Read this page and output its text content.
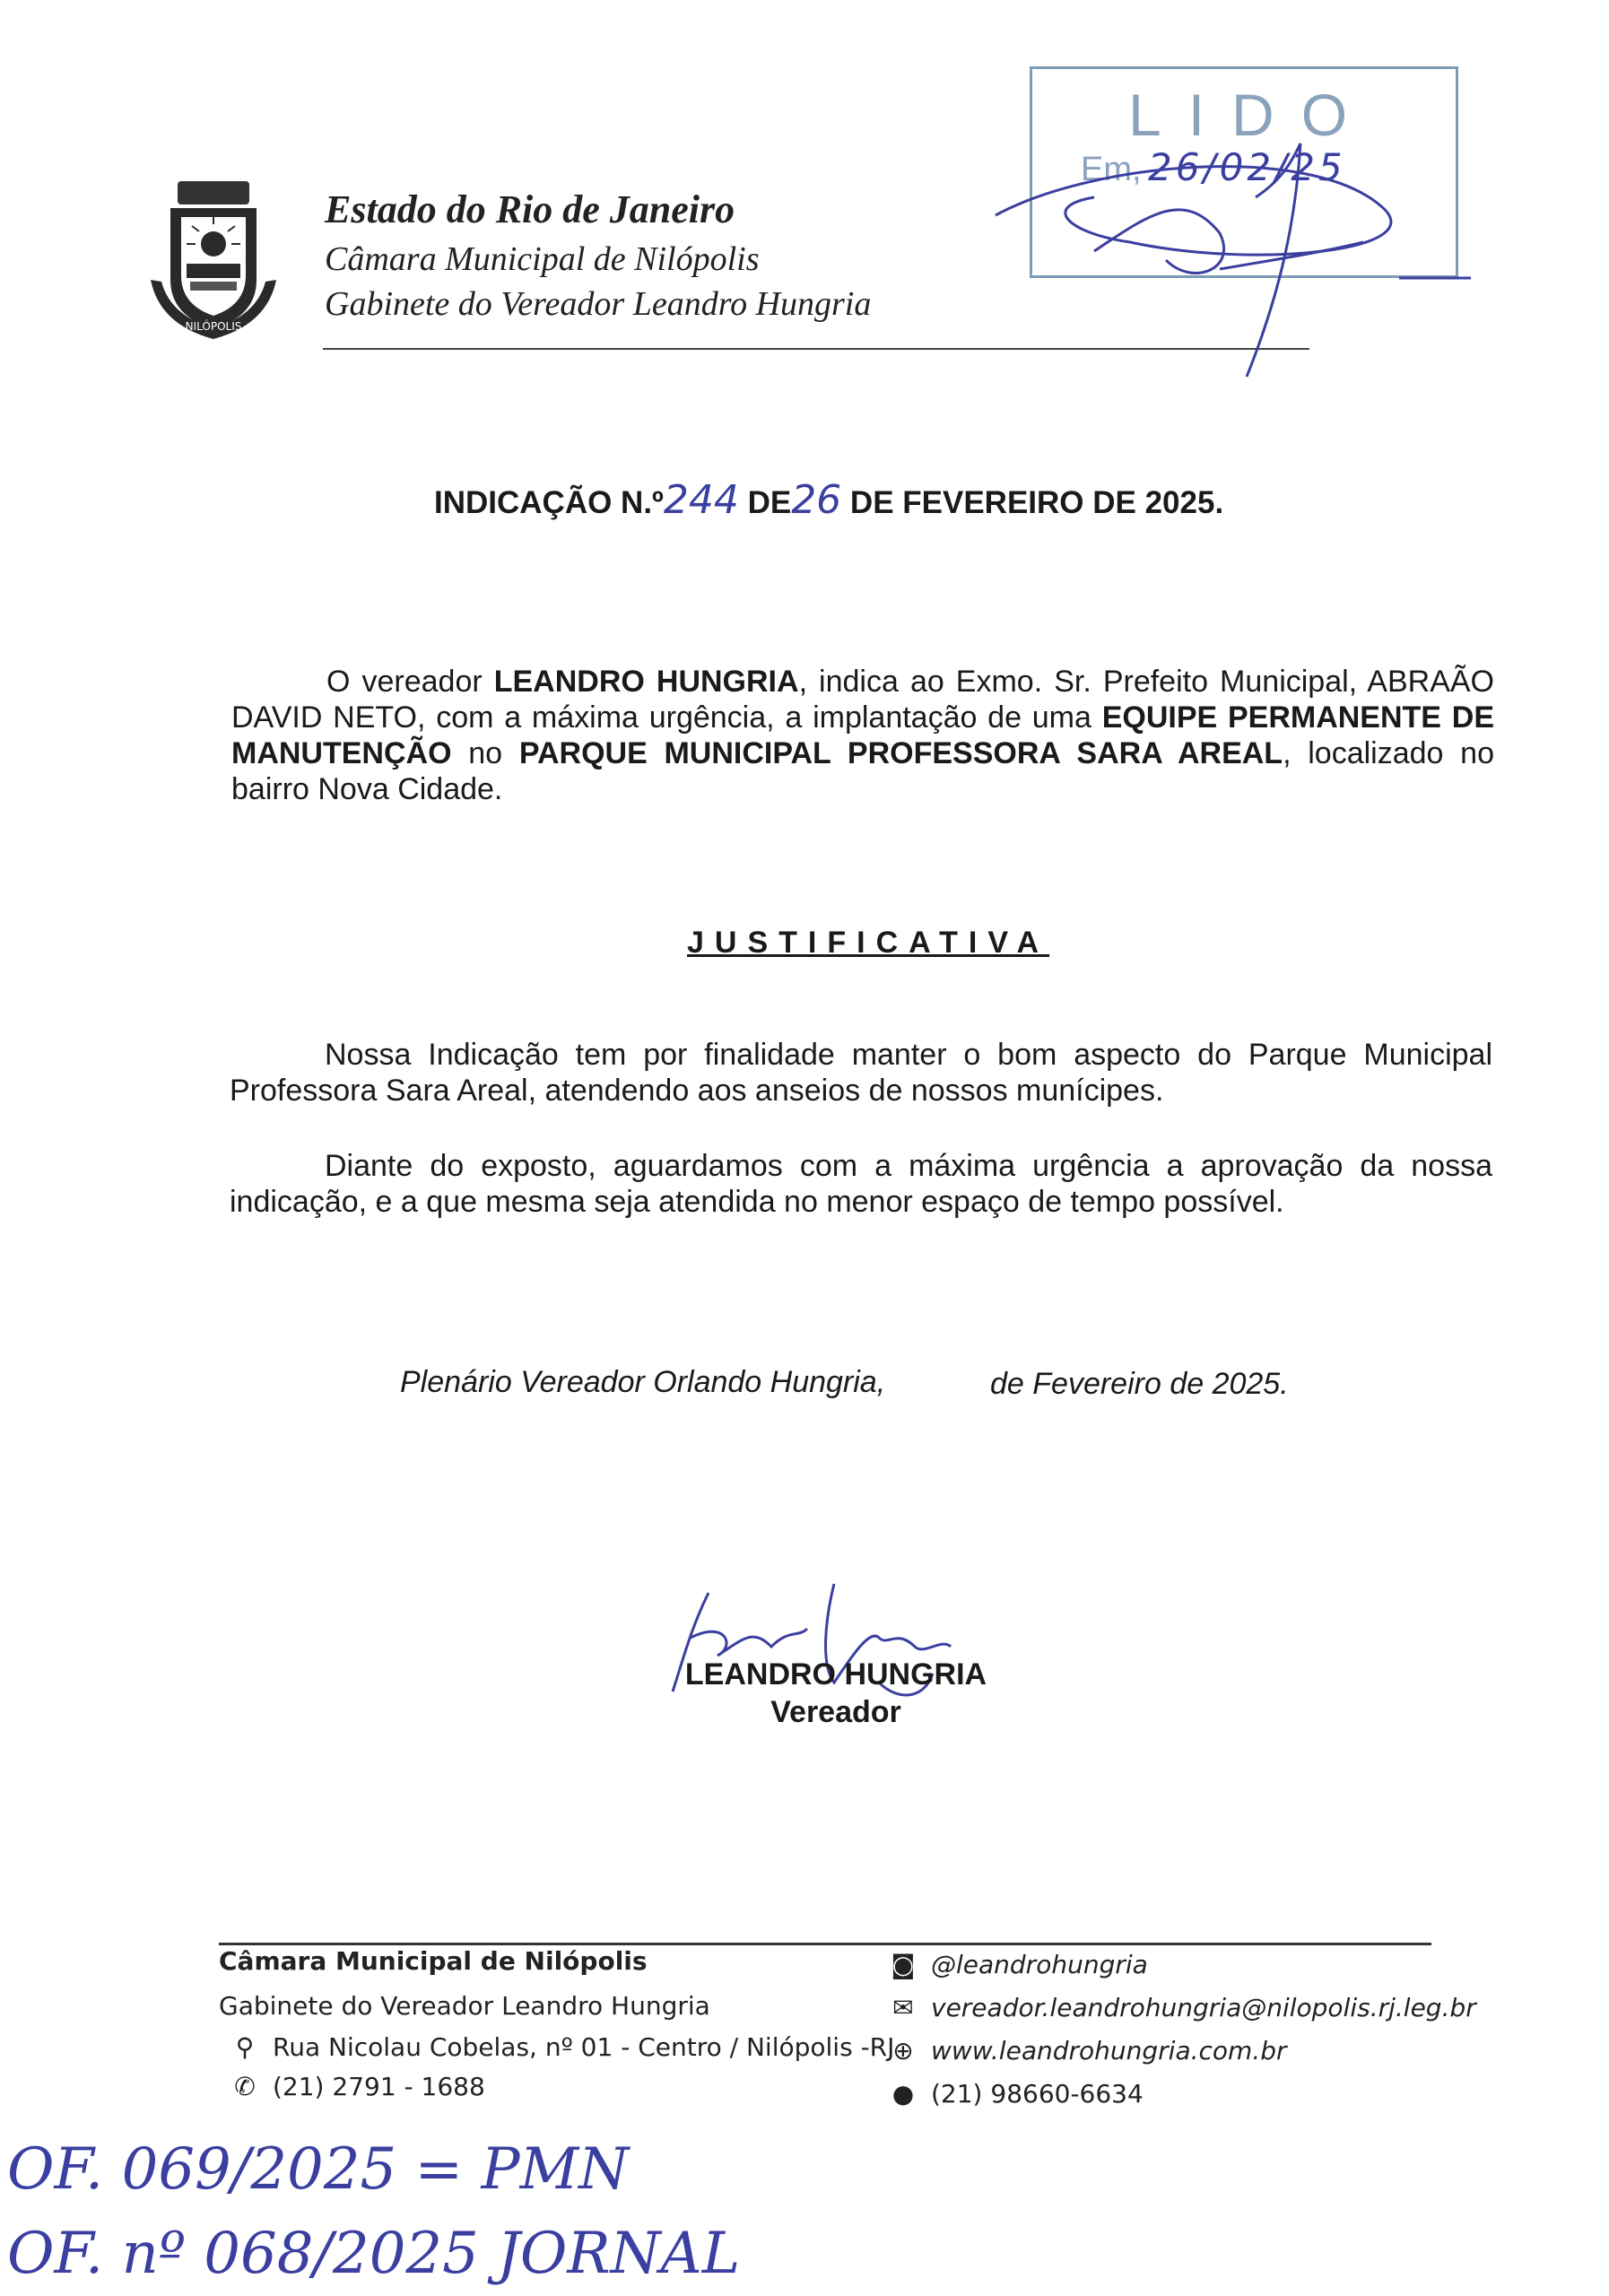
NILÓPOLIS
Estado do Rio de Janeiro
Câmara Municipal de Nilópolis
Gabinete do Vereador Leandro Hungria
LIDO
Em, 26/02/25
INDICAÇÃO N.º244 DE26 DE FEVEREIRO DE 2025.
O vereador LEANDRO HUNGRIA, indica ao Exmo. Sr. Prefeito Municipal, ABRAÃO DAVID NETO, com a máxima urgência, a implantação de uma EQUIPE PERMANENTE DE MANUTENÇÃO no PARQUE MUNICIPAL PROFESSORA SARA AREAL, localizado no bairro Nova Cidade.
JUSTIFICATIVA
Nossa Indicação tem por finalidade manter o bom aspecto do Parque Municipal Professora Sara Areal, atendendo aos anseios de nossos munícipes.
Diante do exposto, aguardamos com a máxima urgência a aprovação da nossa indicação, e a que mesma seja atendida no menor espaço de tempo possível.
Plenário Vereador Orlando Hungria,	de Fevereiro de 2025.
LEANDRO HUNGRIA
Vereador
Câmara Municipal de Nilópolis
Gabinete do Vereador Leandro Hungria
⚲ Rua Nicolau Cobelas, nº 01 - Centro / Nilópolis -RJ
✆ (21) 2791 - 1688
◙ @leandrohungria
✉ vereador.leandrohungria@nilopolis.rj.leg.br
⊕ www.leandrohungria.com.br
● (21) 98660-6634
OF. 069/2025 = PMN
OF. nº 068/2025 JORNAL
